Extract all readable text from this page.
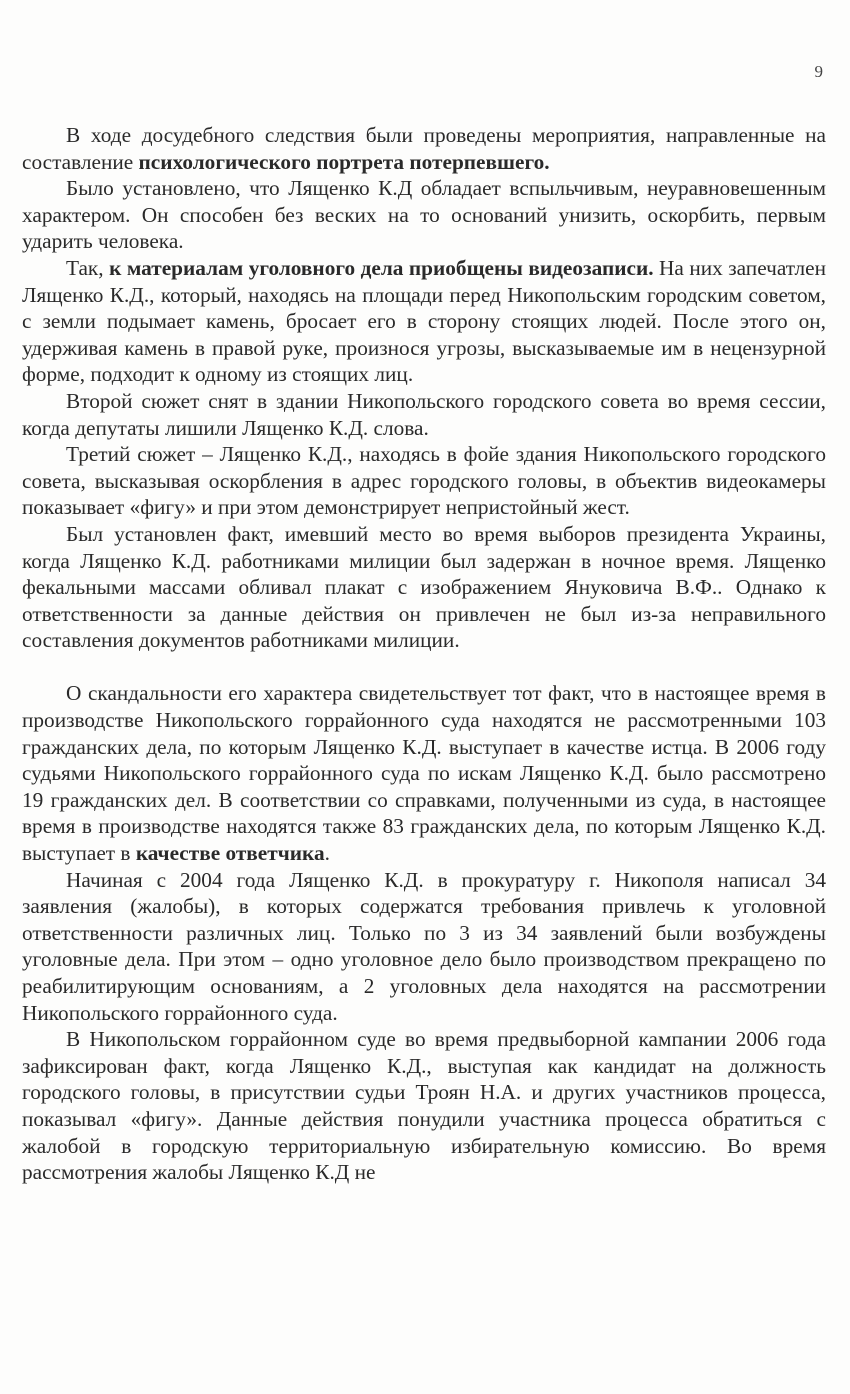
9

В ходе досудебного следствия были проведены мероприятия, направленные на составление психологического портрета потерпевшего.

Было установлено, что Лященко К.Д обладает вспыльчивым, неуравновешенным характером. Он способен без веских на то оснований унизить, оскорбить, первым ударить человека.

Так, к материалам уголовного дела приобщены видеозаписи. На них запечатлен Лященко К.Д., который, находясь на площади перед Никопольским городским советом, с земли подымает камень, бросает его в сторону стоящих людей. После этого он, удерживая камень в правой руке, произнося угрозы, высказываемые им в нецензурной форме, подходит к одному из стоящих лиц.

Второй сюжет снят в здании Никопольского городского совета во время сессии, когда депутаты лишили Лященко К.Д. слова.

Третий сюжет – Лященко К.Д., находясь в фойе здания Никопольского городского совета, высказывая оскорбления в адрес городского головы, в объектив видеокамеры показывает «фигу» и при этом демонстрирует непристойный жест.

Был установлен факт, имевший место во время выборов президента Украины, когда Лященко К.Д. работниками милиции был задержан в ночное время. Лященко фекальными массами обливал плакат с изображением Януковича В.Ф.. Однако к ответственности за данные действия он привлечен не был из-за неправильного составления документов работниками милиции.

О скандальности его характера свидетельствует тот факт, что в настоящее время в производстве Никопольского горрайонного суда находятся не рассмотренными 103 гражданских дела, по которым Лященко К.Д. выступает в качестве истца. В 2006 году судьями Никопольского горрайонного суда по искам Лященко К.Д. было рассмотрено 19 гражданских дел. В соответствии со справками, полученными из суда, в настоящее время в производстве находятся также 83 гражданских дела, по которым Лященко К.Д. выступает в качестве ответчика.

Начиная с 2004 года Лященко К.Д. в прокуратуру г. Никополя написал 34 заявления (жалобы), в которых содержатся требования привлечь к уголовной ответственности различных лиц. Только по 3 из 34 заявлений были возбуждены уголовные дела. При этом – одно уголовное дело было производством прекращено по реабилитирующим основаниям, а 2 уголовных дела находятся на рассмотрении Никопольского горрайонного суда.

В Никопольском горрайонном суде во время предвыборной кампании 2006 года зафиксирован факт, когда Лященко К.Д., выступая как кандидат на должность городского головы, в присутствии судьи Троян Н.А. и других участников процесса, показывал «фигу». Данные действия понудили участника процесса обратиться с жалобой в городскую территориальную избирательную комиссию. Во время рассмотрения жалобы Лященко К.Д не
